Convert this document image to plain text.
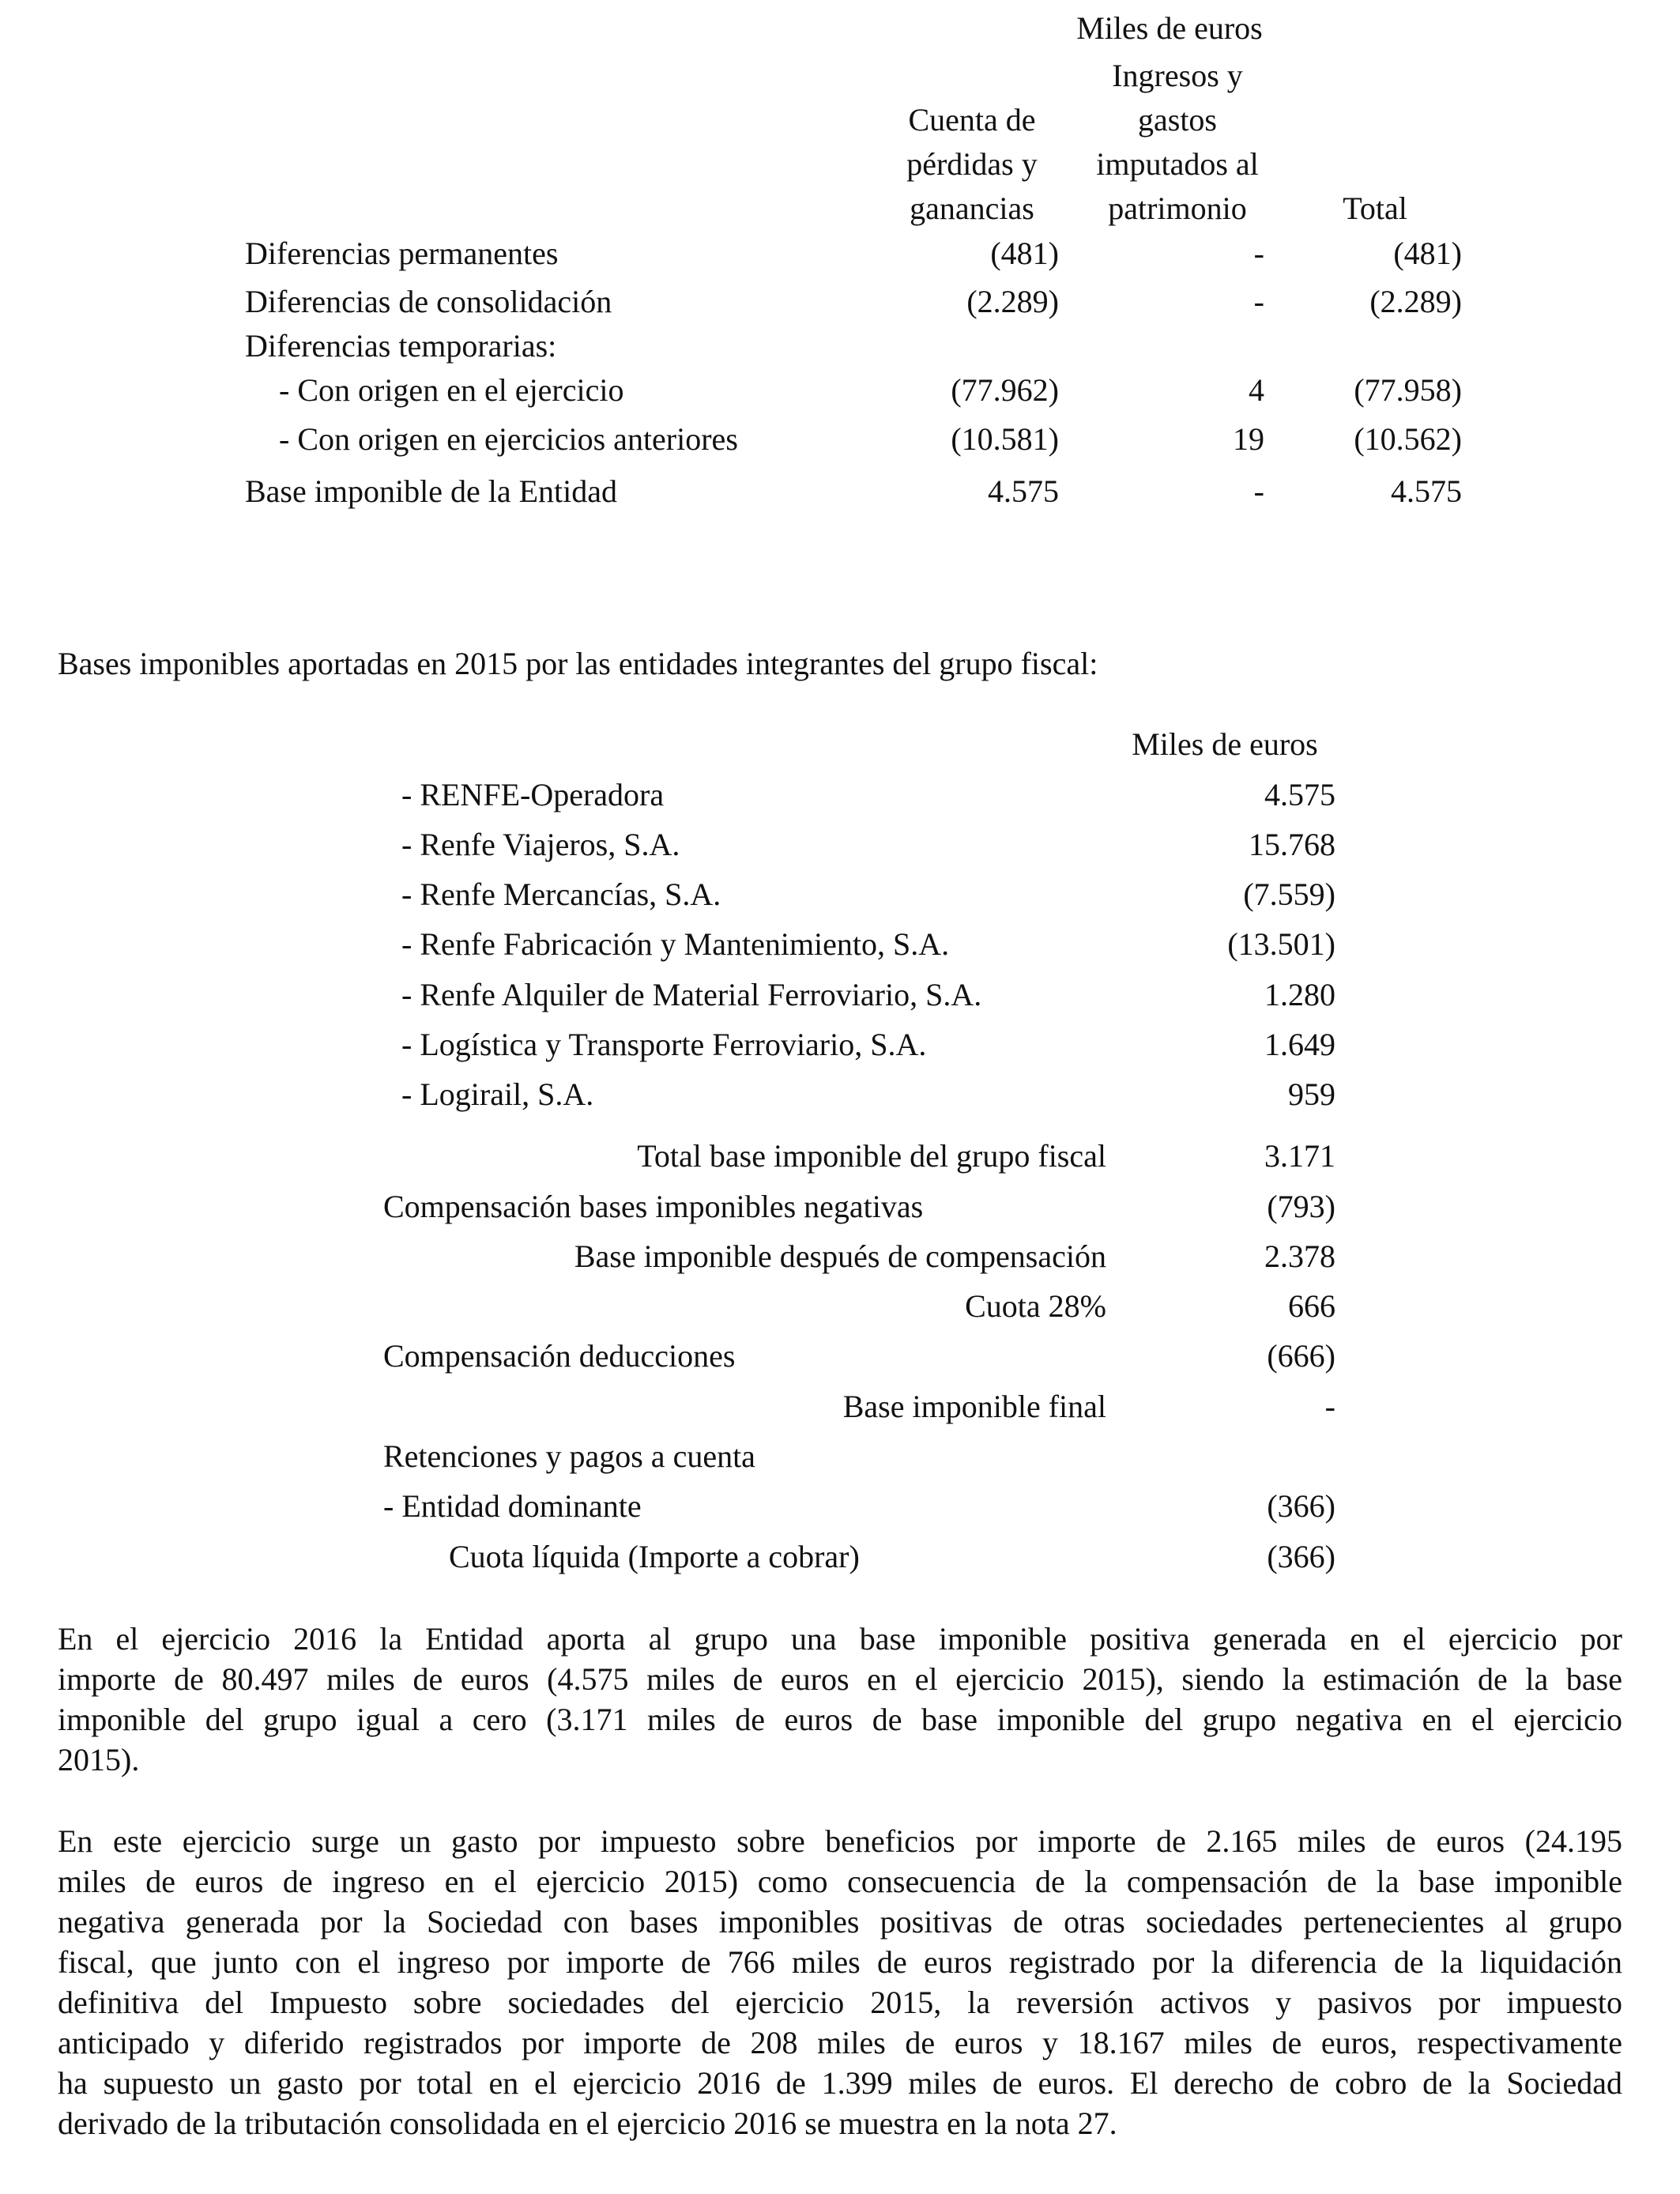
Miles de euros
Cuenta de
pérdidas y
ganancias
Ingresos y
gastos
imputados al
patrimonio	Total
Diferencias permanentes	(481)	-	(481)
Diferencias de consolidación	(2.289)	-	(2.289)
Diferencias temporarias:
- Con origen en el ejercicio	(77.962)	4	(77.958)
- Con origen en ejercicios anteriores	(10.581)	19	(10.562)
Base imponible de la Entidad	4.575	-	4.575
Bases imponibles aportadas en 2015 por las entidades integrantes del grupo fiscal:
Miles de euros
- RENFE-Operadora	4.575
- Renfe Viajeros, S.A.	15.768
- Renfe Mercancías, S.A.	(7.559)
- Renfe Fabricación y Mantenimiento, S.A.	(13.501)
- Renfe Alquiler de Material Ferroviario, S.A.	1.280
- Logística y Transporte Ferroviario, S.A.	1.649
- Logirail, S.A.	959
Total base imponible del grupo fiscal	3.171
Compensación bases imponibles negativas	(793)
Base imponible después de compensación	2.378
Cuota 28%	666
Compensación deducciones	(666)
Base imponible final	-
Retenciones y pagos a cuenta
- Entidad dominante	(366)
Cuota líquida (Importe a cobrar)	(366)
En el ejercicio 2016 la Entidad aporta al grupo una base imponible positiva generada en el ejercicio por
importe de 80.497 miles de euros (4.575 miles de euros en el ejercicio 2015), siendo la estimación de la base
imponible del grupo igual a cero (3.171 miles de euros de base imponible del grupo negativa en el ejercicio
2015).
En este ejercicio surge un gasto por impuesto sobre beneficios por importe de 2.165 miles de euros (24.195
miles de euros de ingreso en el ejercicio 2015) como consecuencia de la compensación de la base imponible
negativa generada por la Sociedad con bases imponibles positivas de otras sociedades pertenecientes al grupo
fiscal, que junto con el ingreso por importe de 766 miles de euros registrado por la diferencia de la liquidación
definitiva del Impuesto sobre sociedades del ejercicio 2015, la reversión activos y pasivos por impuesto
anticipado y diferido registrados por importe de 208 miles de euros y 18.167 miles de euros, respectivamente
ha supuesto un gasto por total en el ejercicio 2016 de 1.399 miles de euros. El derecho de cobro de la Sociedad
derivado de la tributación consolidada en el ejercicio 2016 se muestra en la nota 27.
